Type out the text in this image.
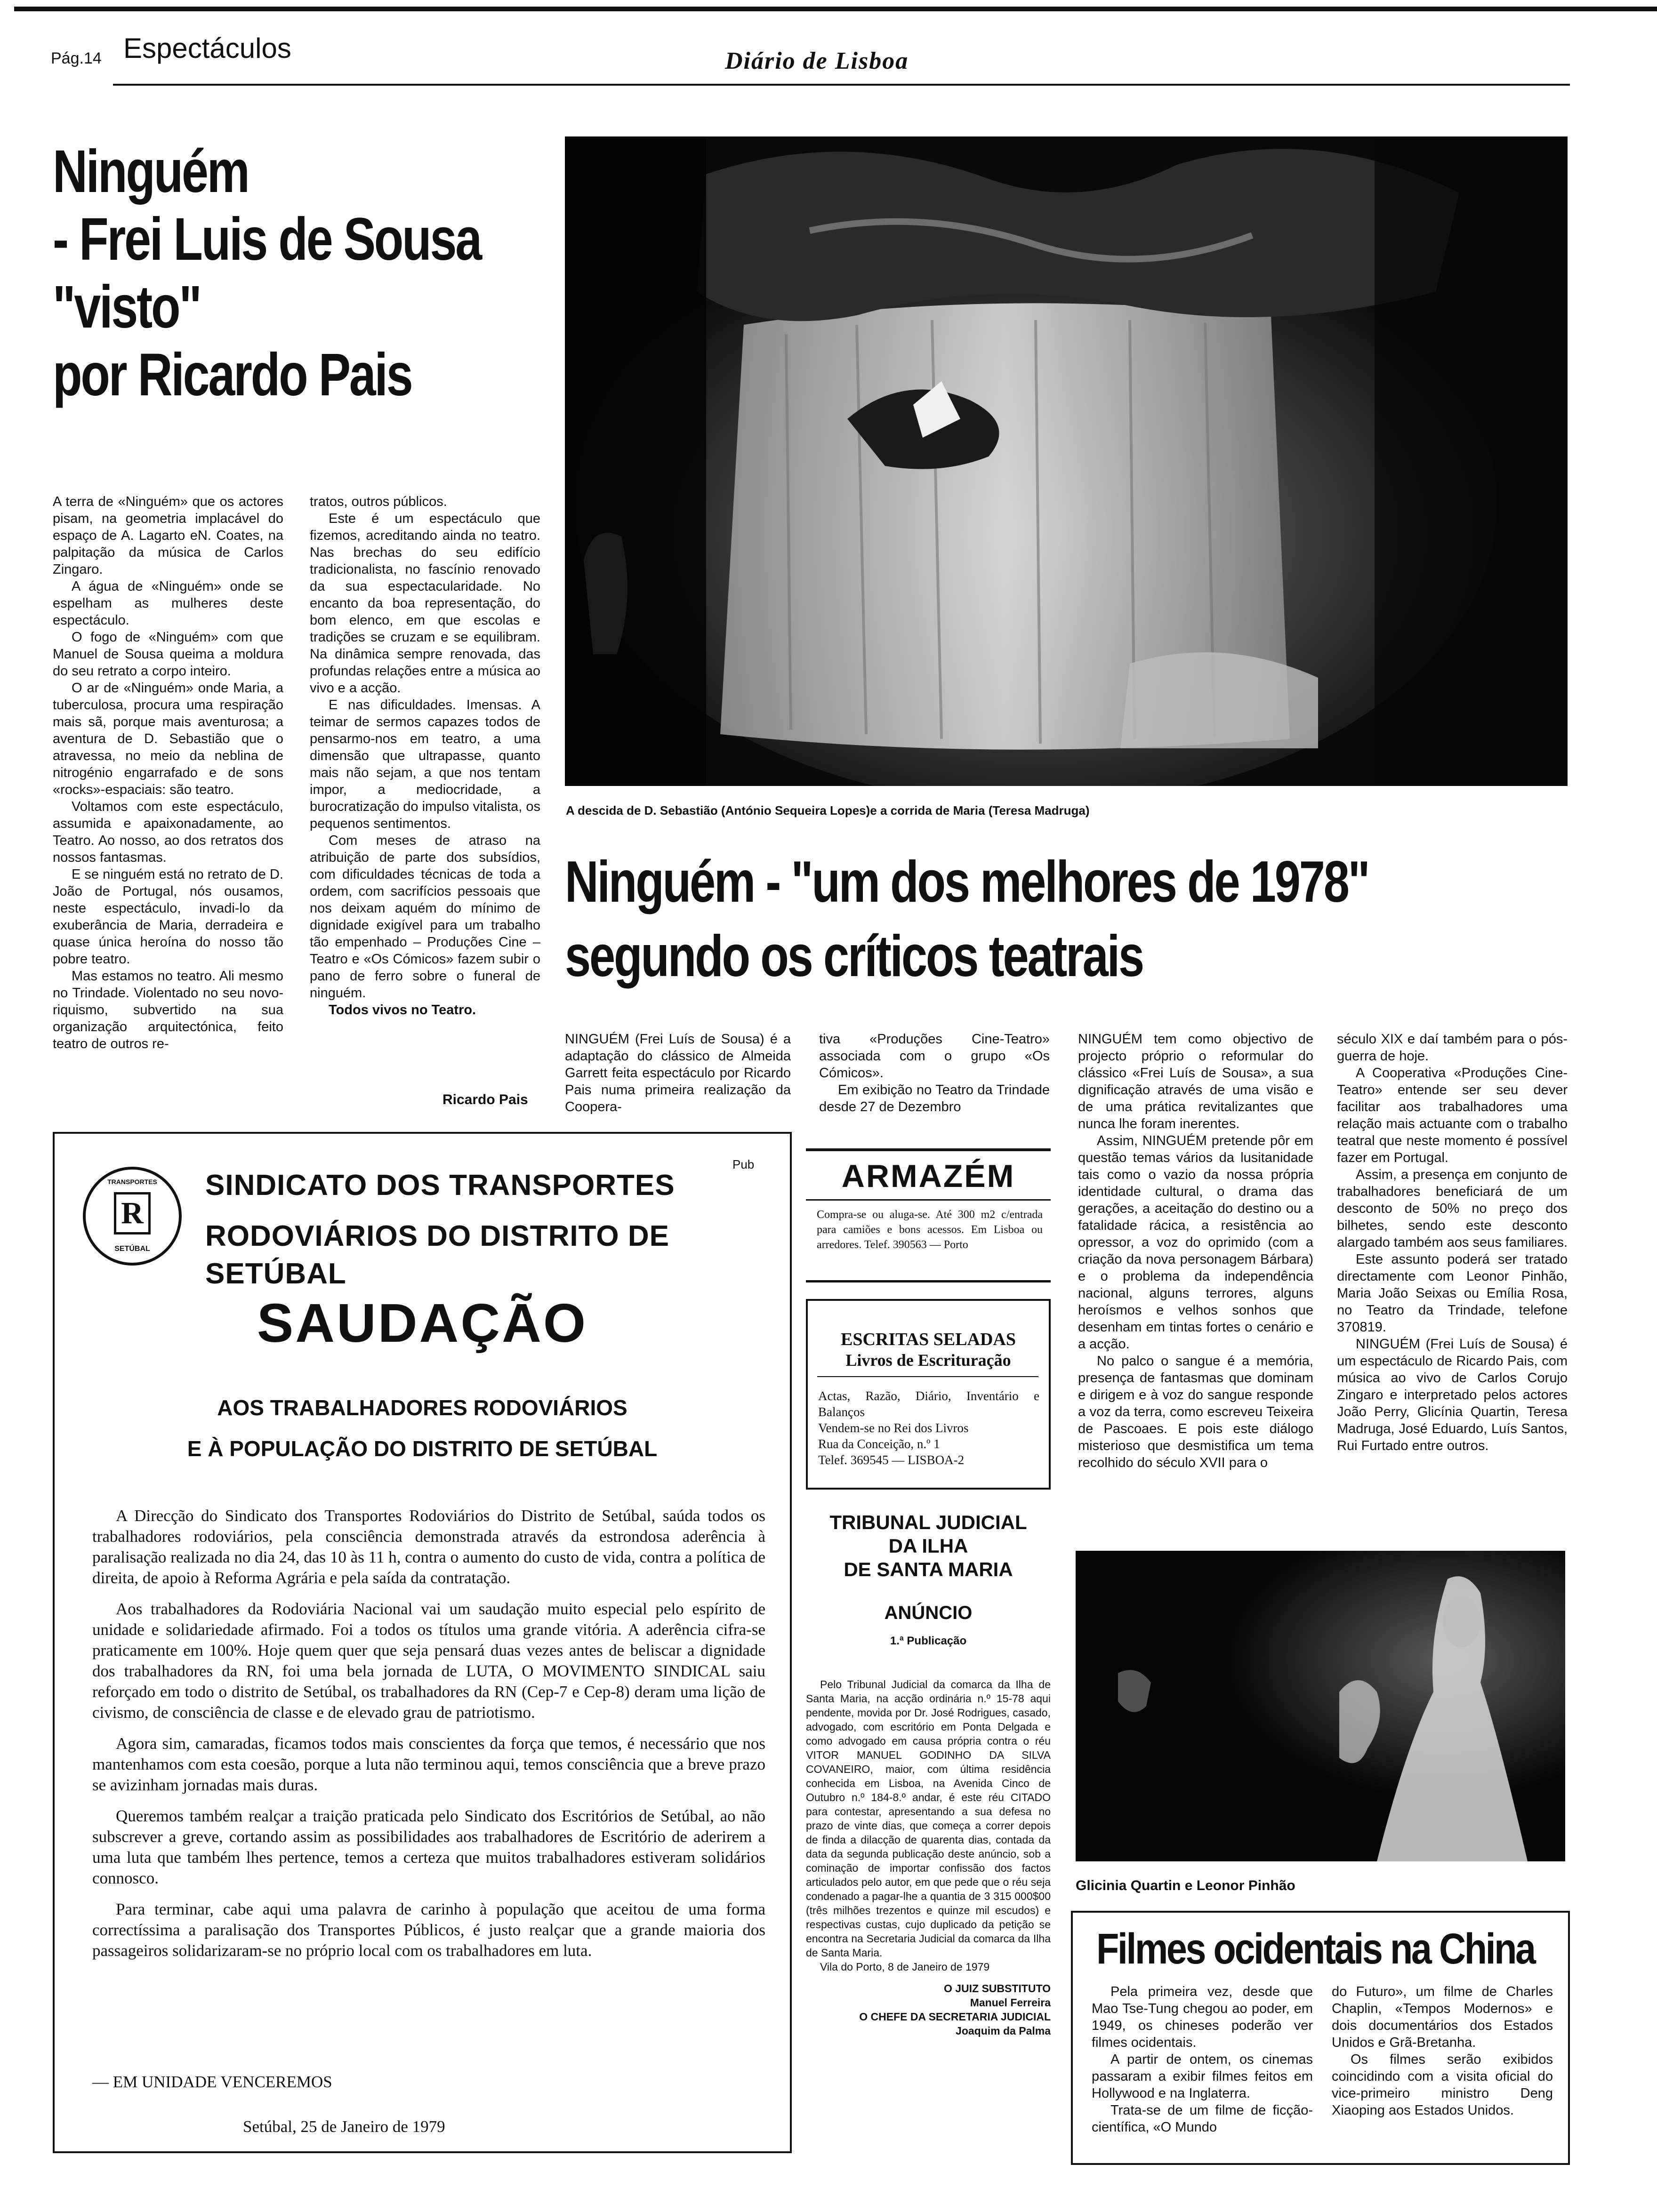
Pág.14 Espectáculos	Diário de Lisboa
Ninguém
- Frei Luis de Sousa
"visto"
por Ricardo Pais

A terra de «Ninguém» que os actores pisam, na geometria implacável do espaço de A. Lagarto eN. Coates, na palpitação da música de Carlos Zingaro.

A água de «Ninguém» onde se espelham as mulheres deste espectáculo.

O fogo de «Ninguém» com que Manuel de Sousa queima a moldura do seu retrato a corpo inteiro.

O ar de «Ninguém» onde Maria, a tuberculosa, procura uma respiração mais sã, porque mais aventurosa; a aventura de D. Sebastião que o atravessa, no meio da neblina de nitrogénio engarrafado e de sons «rocks»-espaciais: são teatro.

Voltamos com este espectáculo, assumida e apaixonadamente, ao Teatro. Ao nosso, ao dos retratos dos nossos fantasmas.

E se ninguém está no retrato de D. João de Portugal, nós ousamos, neste espectáculo, invadi-lo da exuberância de Maria, derradeira e quase única heroína do nosso tão pobre teatro.

Mas estamos no teatro. Ali mesmo no Trindade. Violentado no seu novo-riquismo, subvertido na sua organização arquitectónica, feito teatro de outros re-

tratos, outros públicos.

Este é um espectáculo que fizemos, acreditando ainda no teatro. Nas brechas do seu edifício tradicionalista, no fascínio renovado da sua espectacularidade. No encanto da boa representação, do bom elenco, em que escolas e tradições se cruzam e se equilibram. Na dinâmica sempre renovada, das profundas relações entre a música ao vivo e a acção.

E nas dificuldades. Imensas. A teimar de sermos capazes todos de pensarmo-nos em teatro, a uma dimensão que ultrapasse, quanto mais não sejam, a que nos tentam impor, a mediocridade, a burocratização do impulso vitalista, os pequenos sentimentos.

Com meses de atraso na atribuição de parte dos subsídios, com dificuldades técnicas de toda a ordem, com sacrifícios pessoais que nos deixam aquém do mínimo de dignidade exigível para um trabalho tão empenhado – Produções Cine – Teatro e «Os Cómicos» fazem subir o pano de ferro sobre o funeral de ninguém.

Todos vivos no Teatro.

Ricardo Pais
A descida de D. Sebastião (António Sequeira Lopes)e a corrida de Maria (Teresa Madruga)
Ninguém - "um dos melhores de 1978"
segundo os críticos teatrais

NINGUÉM (Frei Luís de Sousa) é a adaptação do clássico de Almeida Garrett feita espectáculo por Ricardo Pais numa primeira realização da Coopera-

tiva «Produções Cine-Teatro» associada com o grupo «Os Cómicos».

Em exibição no Teatro da Trindade desde 27 de Dezembro

NINGUÉM tem como objectivo de projecto próprio o reformular do clássico «Frei Luís de Sousa», a sua dignificação através de uma visão e de uma prática revitalizantes que nunca lhe foram inerentes.

Assim, NINGUÉM pretende pôr em questão temas vários da lusitanidade tais como o vazio da nossa própria identidade cultural, o drama das gerações, a aceitação do destino ou a fatalidade rácica, a resistência ao opressor, a voz do oprimido (com a criação da nova personagem Bárbara) e o problema da independência nacional, alguns terrores, alguns heroísmos e velhos sonhos que desenham em tintas fortes o cenário e a acção.

No palco o sangue é a memória, presença de fantasmas que dominam e dirigem e à voz do sangue responde a voz da terra, como escreveu Teixeira de Pascoaes. E pois este diálogo misterioso que desmistifica um tema recolhido do século XVII para o

século XIX e daí também para o pós-guerra de hoje.

A Cooperativa «Produções Cine-Teatro» entende ser seu dever facilitar aos trabalhadores uma relação mais actuante com o trabalho teatral que neste momento é possível fazer em Portugal.

Assim, a presença em conjunto de trabalhadores beneficiará de um desconto de 50% no preço dos bilhetes, sendo este desconto alargado também aos seus familiares.

Este assunto poderá ser tratado directamente com Leonor Pinhão, Maria João Seixas ou Emília Rosa, no Teatro da Trindade, telefone 370819.

NINGUÉM (Frei Luís de Sousa) é um espectáculo de Ricardo Pais, com música ao vivo de Carlos Corujo Zingaro e interpretado pelos actores João Perry, Glicínia Quartin, Teresa Madruga, José Eduardo, Luís Santos, Rui Furtado entre outros.

Pub
TRANSPORTES
R
SETÚBAL
SINDICATO DOS TRANSPORTES
RODOVIÁRIOS DO DISTRITO DE SETÚBAL
SAUDAÇÃO
AOS TRABALHADORES RODOVIÁRIOS
E À POPULAÇÃO DO DISTRITO DE SETÚBAL

A Direcção do Sindicato dos Transportes Rodoviários do Distrito de Setúbal, saúda todos os trabalhadores rodoviários, pela consciência demonstrada através da estrondosa aderência à paralisação realizada no dia 24, das 10 às 11 h, contra o aumento do custo de vida, contra a política de direita, de apoio à Reforma Agrária e pela saída da contratação.

Aos trabalhadores da Rodoviária Nacional vai um saudação muito especial pelo espírito de unidade e solidariedade afirmado. Foi a todos os títulos uma grande vitória. A aderência cifra-se praticamente em 100%. Hoje quem quer que seja pensará duas vezes antes de beliscar a dignidade dos trabalhadores da RN, foi uma bela jornada de LUTA, O MOVIMENTO SINDICAL saiu reforçado em todo o distrito de Setúbal, os trabalhadores da RN (Cep-7 e Cep-8) deram uma lição de civismo, de consciência de classe e de elevado grau de patriotismo.

Agora sim, camaradas, ficamos todos mais conscientes da força que temos, é necessário que nos mantenhamos com esta coesão, porque a luta não terminou aqui, temos consciência que a breve prazo se avizinham jornadas mais duras.

Queremos também realçar a traição praticada pelo Sindicato dos Escritórios de Setúbal, ao não subscrever a greve, cortando assim as possibilidades aos trabalhadores de Escritório de aderirem a uma luta que também lhes pertence, temos a certeza que muitos trabalhadores estiveram solidários connosco.

Para terminar, cabe aqui uma palavra de carinho à população que aceitou de uma forma correctíssima a paralisação dos Transportes Públicos, é justo realçar que a grande maioria dos passageiros solidarizaram-se no próprio local com os trabalhadores em luta.

— EM UNIDADE VENCEREMOS
Setúbal, 25 de Janeiro de 1979
ARMAZÉM
Compra-se ou aluga-se. Até 300 m2 c/entrada para camiões e bons acessos. Em Lisboa ou arredores. Telef. 390563 — Porto
ESCRITAS SELADAS
Livros de Escrituração
Actas, Razão, Diário, Inventário e Balanços
Vendem-se no Rei dos Livros
Rua da Conceição, n.º 1
Telef. 369545 — LISBOA-2
TRIBUNAL JUDICIAL
DA ILHA
DE SANTA MARIA
ANÚNCIO
1.ª Publicação
Pelo Tribunal Judicial da comarca da Ilha de Santa Maria, na acção ordinária n.º 15-78 aqui pendente, movida por Dr. José Rodrigues, casado, advogado, com escritório em Ponta Delgada e como advogado em causa própria contra o réu VITOR MANUEL GODINHO DA SILVA COVANEIRO, maior, com última residência conhecida em Lisboa, na Avenida Cinco de Outubro n.º 184-8.º andar, é este réu CITADO para contestar, apresentando a sua defesa no prazo de vinte dias, que começa a correr depois de finda a dilacção de quarenta dias, contada da data da segunda publicação deste anúncio, sob a cominação de importar confissão dos factos articulados pelo autor, em que pede que o réu seja condenado a pagar-lhe a quantia de 3 315 000$00 (três milhões trezentos e quinze mil escudos) e respectivas custas, cujo duplicado da petição se encontra na Secretaria Judicial da comarca da Ilha de Santa Maria.
Vila do Porto, 8 de Janeiro de 1979
O JUIZ SUBSTITUTO
Manuel Ferreira
O CHEFE DA SECRETARIA JUDICIAL
Joaquim da Palma
Glicinia Quartin e Leonor Pinhão
Filmes ocidentais na China

Pela primeira vez, desde que Mao Tse-Tung chegou ao poder, em 1949, os chineses poderão ver filmes ocidentais.

A partir de ontem, os cinemas passaram a exibir filmes feitos em Hollywood e na Inglaterra.

Trata-se de um filme de ficção-científica, «O Mundo

do Futuro», um filme de Charles Chaplin, «Tempos Modernos» e dois documentários dos Estados Unidos e Grã-Bretanha.

Os filmes serão exibidos coincidindo com a visita oficial do vice-primeiro ministro Deng Xiaoping aos Estados Unidos.
